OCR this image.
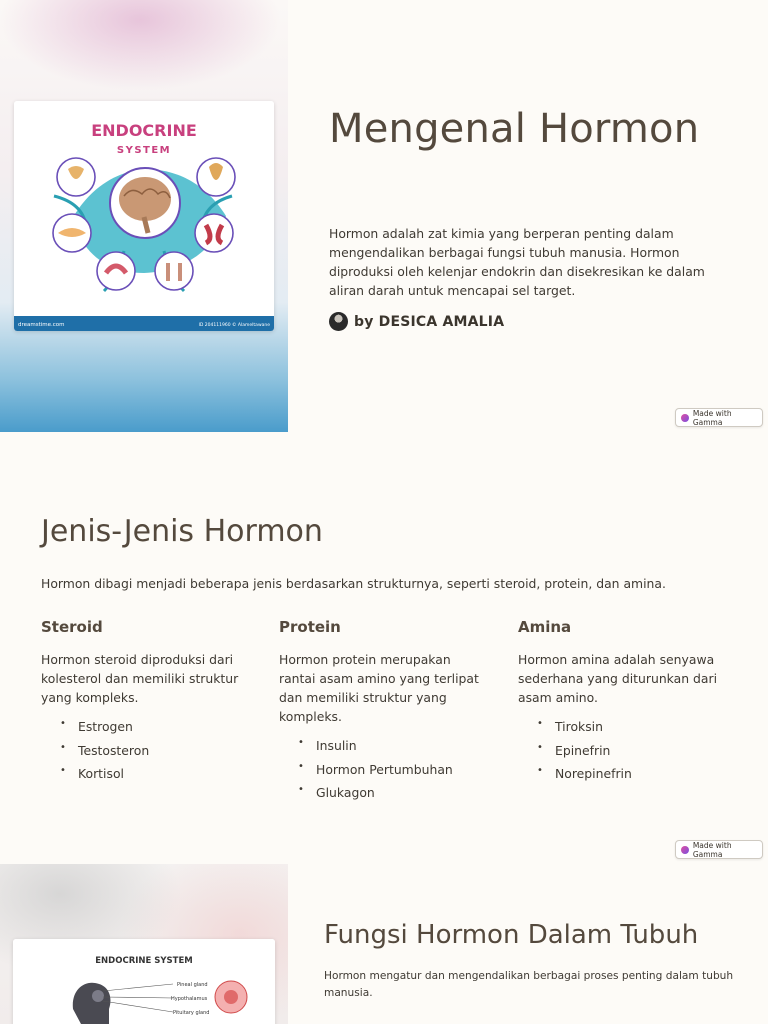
ENDOCRINE
SYSTEM
dreamstime.com	ID 204111960 © Alameltawane
Mengenal Hormon

Hormon adalah zat kimia yang berperan penting dalam mengendalikan berbagai fungsi tubuh manusia. Hormon diproduksi oleh kelenjar endokrin dan disekresikan ke dalam aliran darah untuk mencapai sel target.

by DESICA AMALIA
Made with Gamma
Jenis-Jenis Hormon

Hormon dibagi menjadi beberapa jenis berdasarkan strukturnya, seperti steroid, protein, dan amina.

Steroid

Hormon steroid diproduksi dari kolesterol dan memiliki struktur yang kompleks.

• Estrogen
• Testosteron
• Kortisol
Protein

Hormon protein merupakan rantai asam amino yang terlipat dan memiliki struktur yang kompleks.

• Insulin
• Hormon Pertumbuhan
• Glukagon
Amina

Hormon amina adalah senyawa sederhana yang diturunkan dari asam amino.

• Tiroksin
• Epinefrin
• Norepinefrin
Made with Gamma
ENDOCRINE SYSTEM
Pineal gland
Hypothalamus
Pituitary gland
Fungsi Hormon Dalam Tubuh

Hormon mengatur dan mengendalikan berbagai proses penting dalam tubuh manusia.
